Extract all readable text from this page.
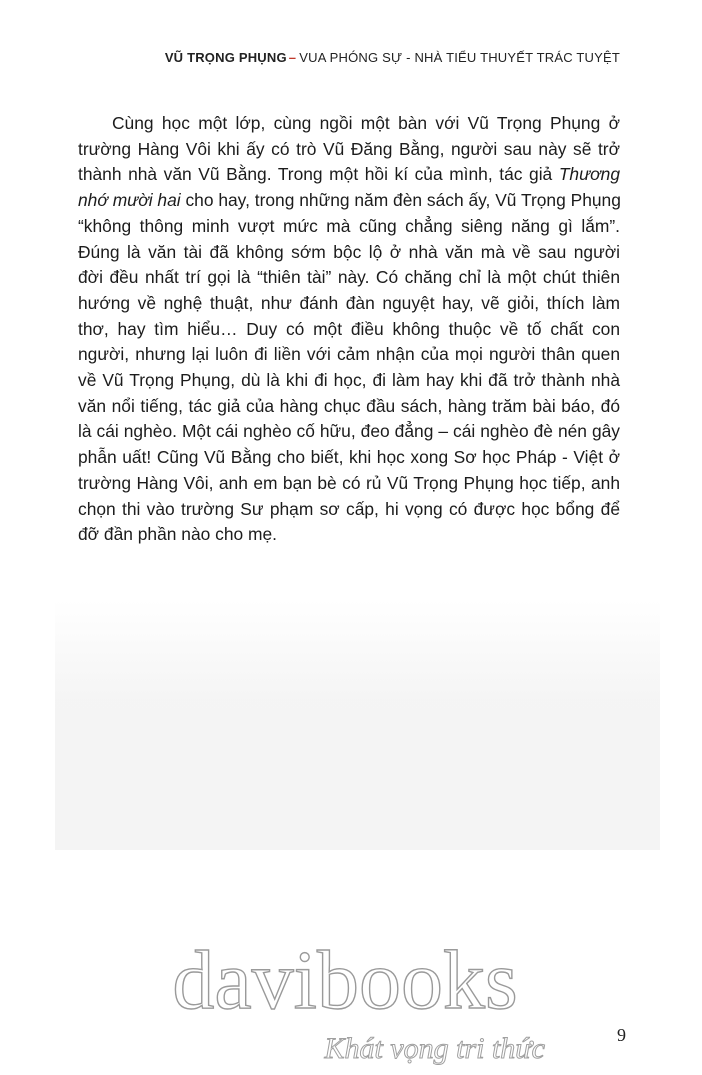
VŨ TRỌNG PHỤNG – VUA PHÓNG SỰ - NHÀ TIỂU THUYẾT TRÁC TUYỆT
Cùng học một lớp, cùng ngồi một bàn với Vũ Trọng Phụng ở
trường Hàng Vôi khi ấy có trò Vũ Đăng Bằng, người sau này sẽ trở
thành nhà văn Vũ Bằng. Trong một hồi kí của mình, tác giả Thương
nhớ mười hai cho hay, trong những năm đèn sách ấy, Vũ Trọng Phụng
“không thông minh vượt mức mà cũng chẳng siêng năng gì lắm”.
Đúng là văn tài đã không sớm bộc lộ ở nhà văn mà về sau người
đời đều nhất trí gọi là “thiên tài” này. Có chăng chỉ là một chút thiên
hướng về nghệ thuật, như đánh đàn nguyệt hay, vẽ giỏi, thích làm
thơ, hay tìm hiểu… Duy có một điều không thuộc về tố chất con
người, nhưng lại luôn đi liền với cảm nhận của mọi người thân quen
về Vũ Trọng Phụng, dù là khi đi học, đi làm hay khi đã trở thành nhà
văn nổi tiếng, tác giả của hàng chục đầu sách, hàng trăm bài báo, đó
là cái nghèo. Một cái nghèo cố hữu, đeo đẳng – cái nghèo đè nén gây
phẫn uất! Cũng Vũ Bằng cho biết, khi học xong Sơ học Pháp - Việt ở
trường Hàng Vôi, anh em bạn bè có rủ Vũ Trọng Phụng học tiếp, anh
chọn thi vào trường Sư phạm sơ cấp, hi vọng có được học bổng để
đỡ đần phần nào cho mẹ.
davibooks
Khát vọng tri thức	9
